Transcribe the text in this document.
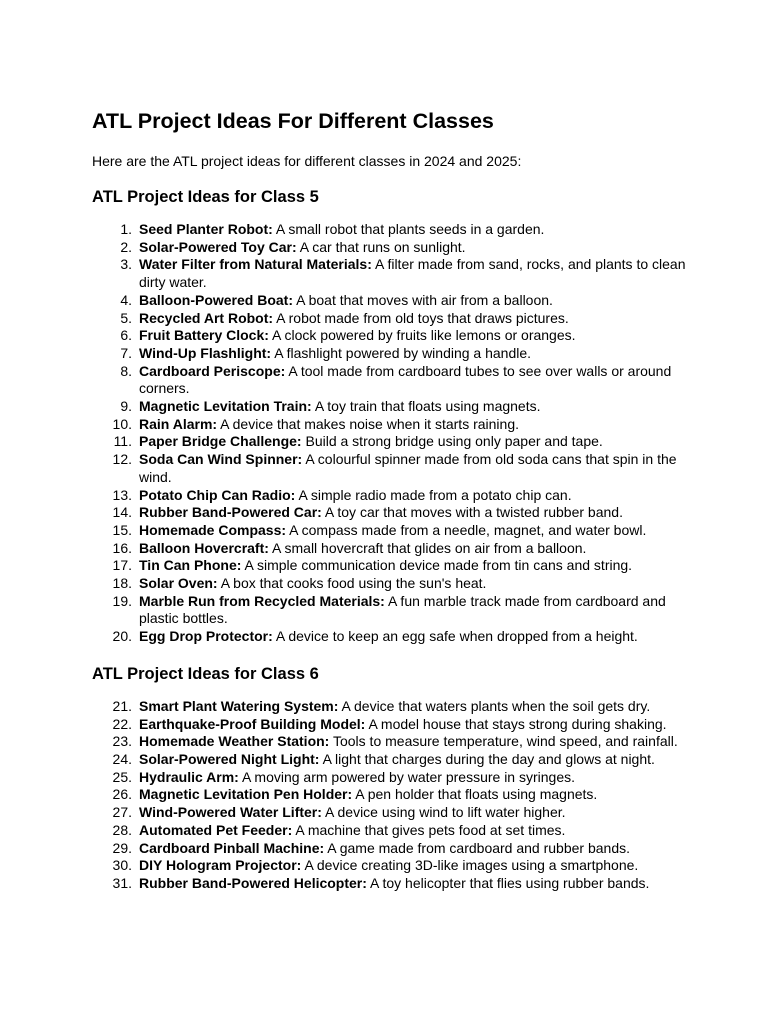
ATL Project Ideas For Different Classes

Here are the ATL project ideas for different classes in 2024 and 2025:

ATL Project Ideas for Class 5
1. Seed Planter Robot: A small robot that plants seeds in a garden.
2. Solar-Powered Toy Car: A car that runs on sunlight.
3. Water Filter from Natural Materials: A filter made from sand, rocks, and plants to clean dirty water.
4. Balloon-Powered Boat: A boat that moves with air from a balloon.
5. Recycled Art Robot: A robot made from old toys that draws pictures.
6. Fruit Battery Clock: A clock powered by fruits like lemons or oranges.
7. Wind-Up Flashlight: A flashlight powered by winding a handle.
8. Cardboard Periscope: A tool made from cardboard tubes to see over walls or around corners.
9. Magnetic Levitation Train: A toy train that floats using magnets.
10. Rain Alarm: A device that makes noise when it starts raining.
11. Paper Bridge Challenge: Build a strong bridge using only paper and tape.
12. Soda Can Wind Spinner: A colourful spinner made from old soda cans that spin in the wind.
13. Potato Chip Can Radio: A simple radio made from a potato chip can.
14. Rubber Band-Powered Car: A toy car that moves with a twisted rubber band.
15. Homemade Compass: A compass made from a needle, magnet, and water bowl.
16. Balloon Hovercraft: A small hovercraft that glides on air from a balloon.
17. Tin Can Phone: A simple communication device made from tin cans and string.
18. Solar Oven: A box that cooks food using the sun's heat.
19. Marble Run from Recycled Materials: A fun marble track made from cardboard and plastic bottles.
20. Egg Drop Protector: A device to keep an egg safe when dropped from a height.
ATL Project Ideas for Class 6
21. Smart Plant Watering System: A device that waters plants when the soil gets dry.
22. Earthquake-Proof Building Model: A model house that stays strong during shaking.
23. Homemade Weather Station: Tools to measure temperature, wind speed, and rainfall.
24. Solar-Powered Night Light: A light that charges during the day and glows at night.
25. Hydraulic Arm: A moving arm powered by water pressure in syringes.
26. Magnetic Levitation Pen Holder: A pen holder that floats using magnets.
27. Wind-Powered Water Lifter: A device using wind to lift water higher.
28. Automated Pet Feeder: A machine that gives pets food at set times.
29. Cardboard Pinball Machine: A game made from cardboard and rubber bands.
30. DIY Hologram Projector: A device creating 3D-like images using a smartphone.
31. Rubber Band-Powered Helicopter: A toy helicopter that flies using rubber bands.
